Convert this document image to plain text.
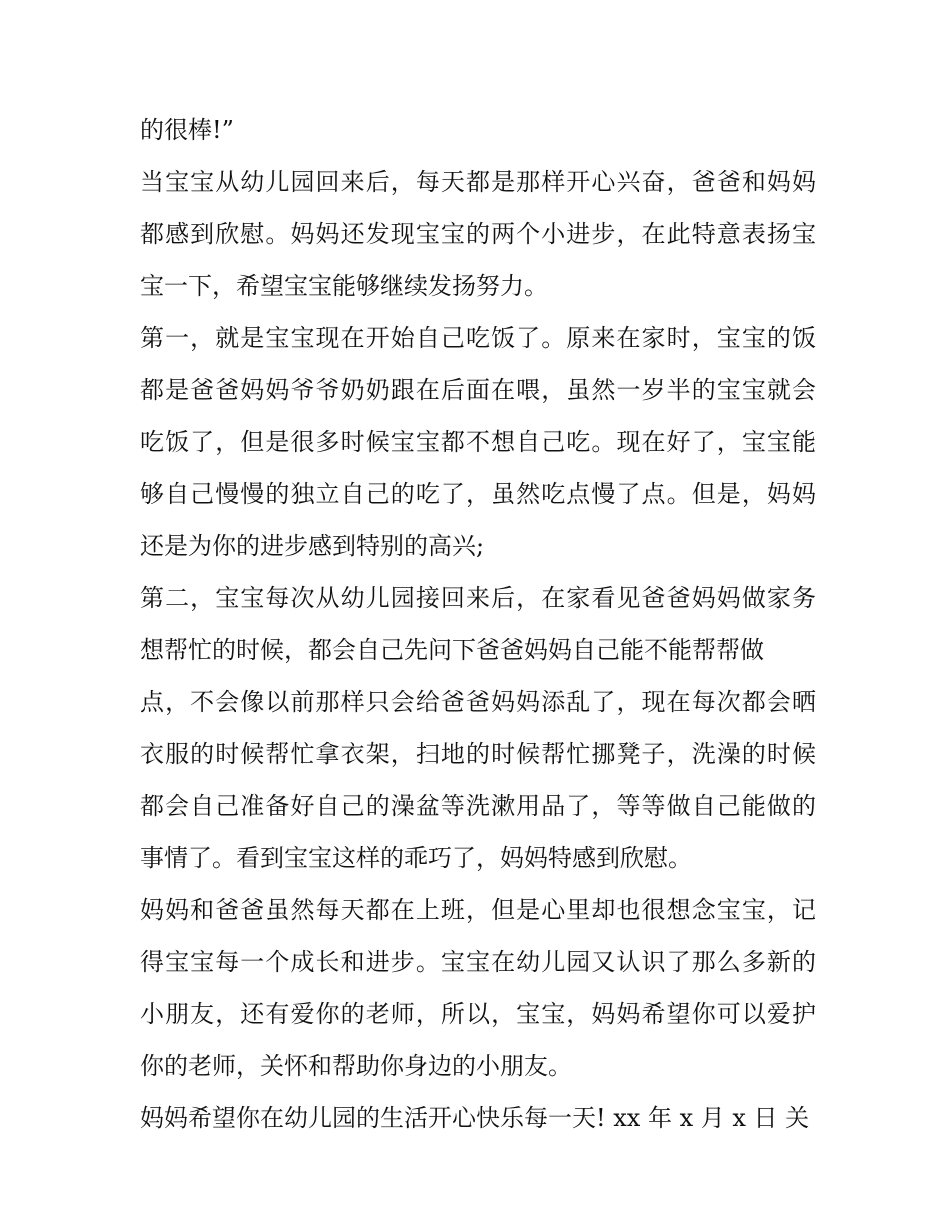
的很棒!”
当宝宝从幼儿园回来后，每天都是那样开心兴奋，爸爸和妈妈
都感到欣慰。妈妈还发现宝宝的两个小进步，在此特意表扬宝
宝一下，希望宝宝能够继续发扬努力。
第一，就是宝宝现在开始自己吃饭了。原来在家时，宝宝的饭
都是爸爸妈妈爷爷奶奶跟在后面在喂，虽然一岁半的宝宝就会
吃饭了，但是很多时候宝宝都不想自己吃。现在好了，宝宝能
够自己慢慢的独立自己的吃了，虽然吃点慢了点。但是，妈妈
还是为你的进步感到特别的高兴;
第二，宝宝每次从幼儿园接回来后，在家看见爸爸妈妈做家务
想帮忙的时候，都会自己先问下爸爸妈妈自己能不能帮帮做
点，不会像以前那样只会给爸爸妈妈添乱了，现在每次都会晒
衣服的时候帮忙拿衣架，扫地的时候帮忙挪凳子，洗澡的时候
都会自己准备好自己的澡盆等洗漱用品了，等等做自己能做的
事情了。看到宝宝这样的乖巧了，妈妈特感到欣慰。
妈妈和爸爸虽然每天都在上班，但是心里却也很想念宝宝，记
得宝宝每一个成长和进步。宝宝在幼儿园又认识了那么多新的
小朋友，还有爱你的老师，所以，宝宝，妈妈希望你可以爱护
你的老师，关怀和帮助你身边的小朋友。
妈妈希望你在幼儿园的生活开心快乐每一天! xx 年 x 月 x 日 关
